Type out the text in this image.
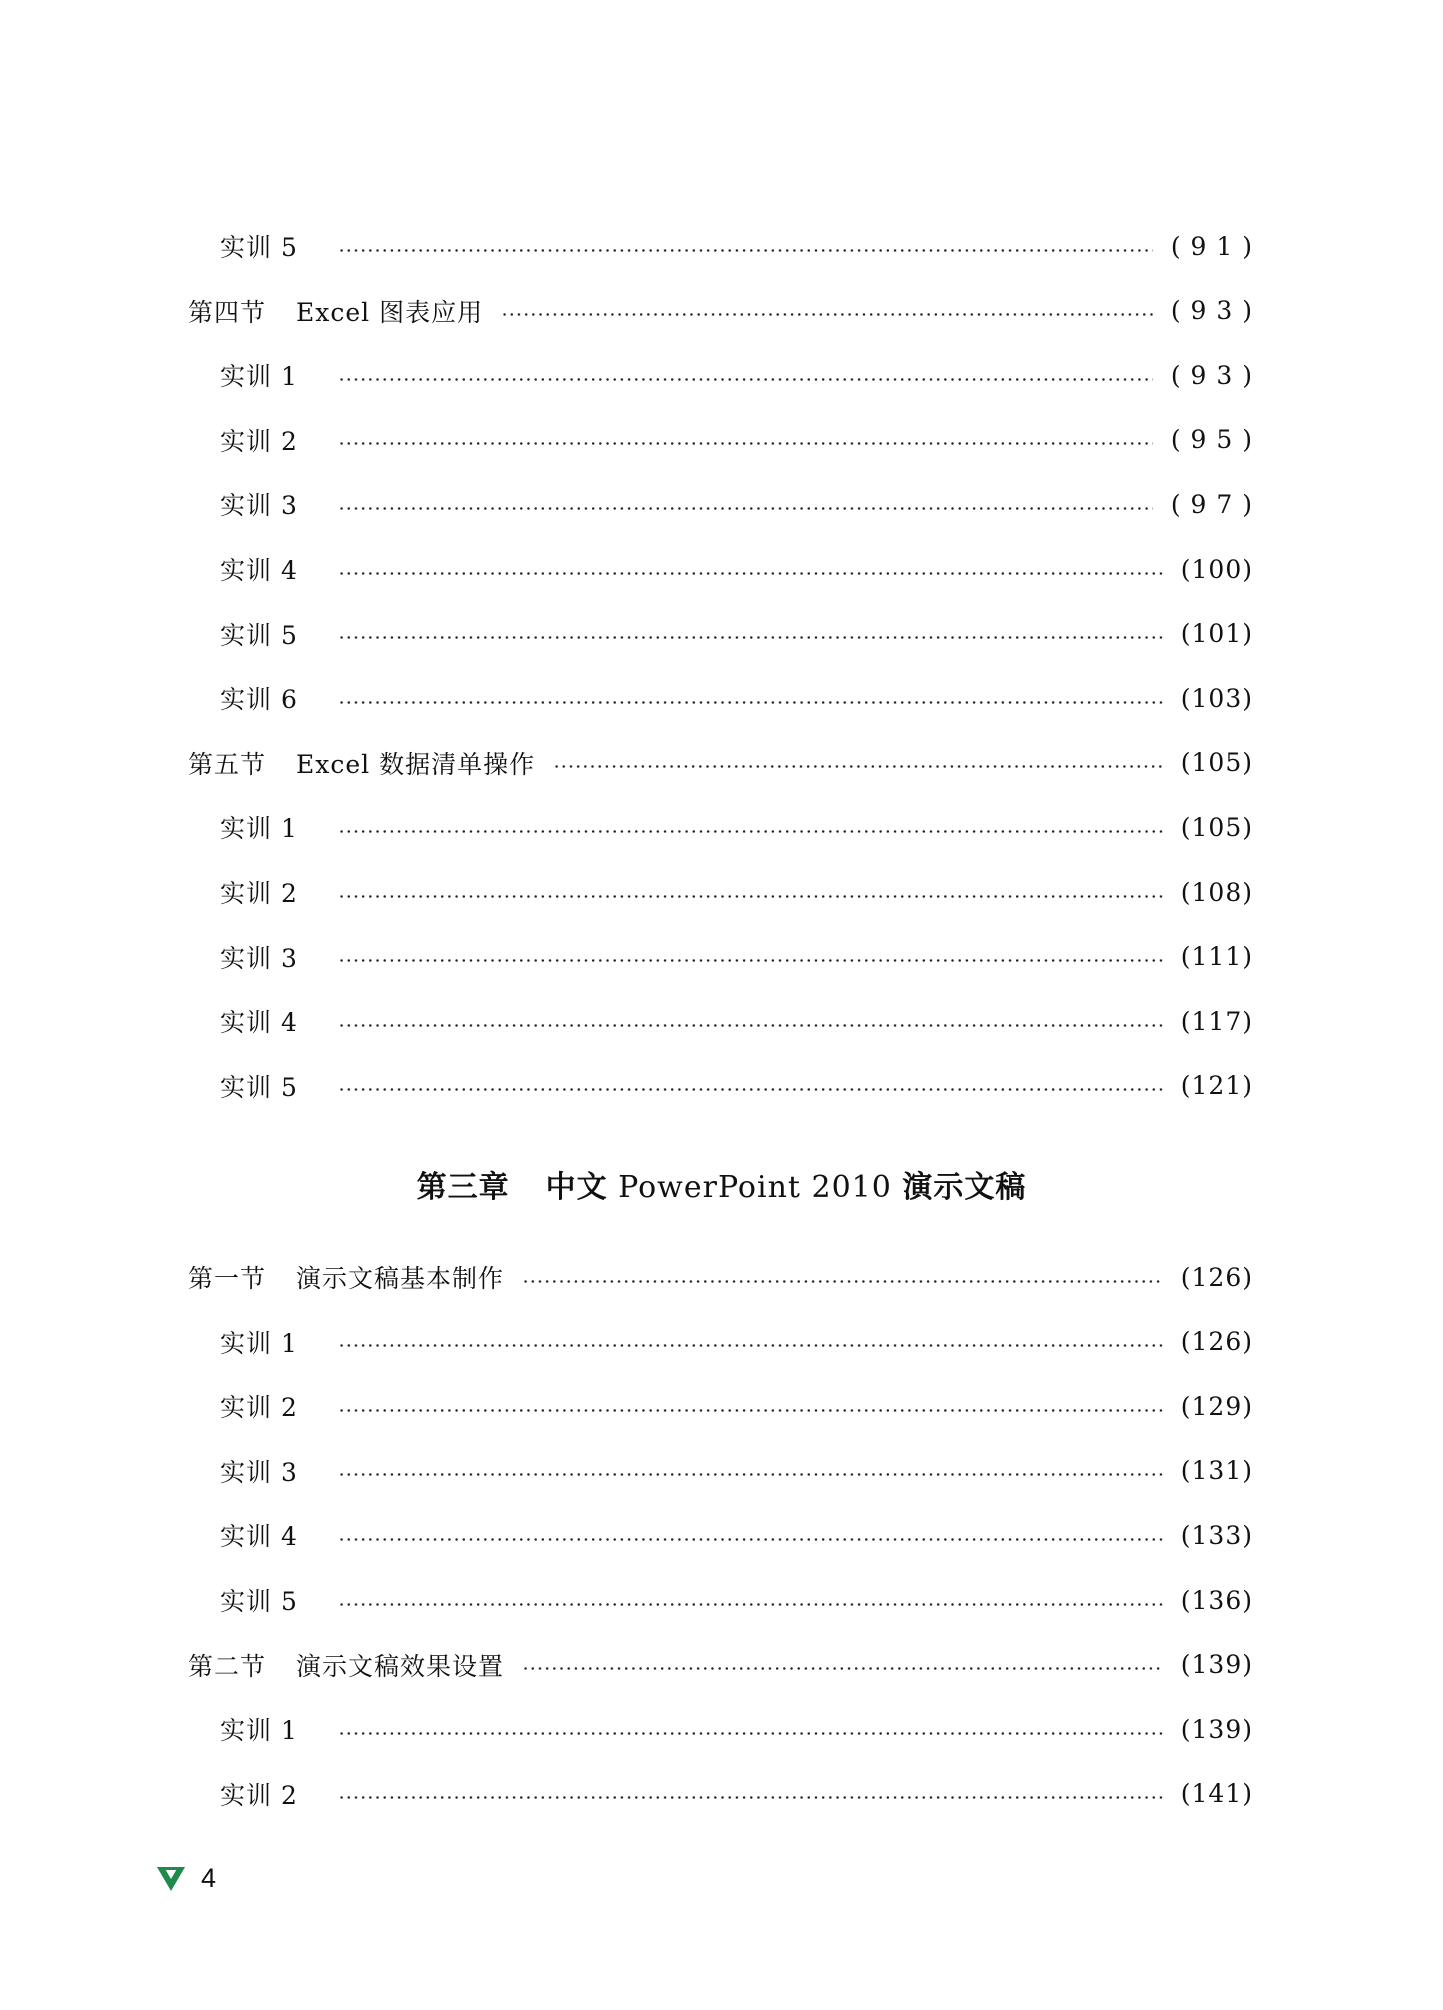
实训 5	( 9 1 )
第四节 Excel 图表应用	( 9 3 )
实训 1	( 9 3 )
实训 2	( 9 5 )
实训 3	( 9 7 )
实训 4	(100)
实训 5	(101)
实训 6	(103)
第五节 Excel 数据清单操作	(105)
实训 1	(105)
实训 2	(108)
实训 3	(111)
实训 4	(117)
实训 5	(121)
第三章 中文 PowerPoint 2010 演示文稿
第一节 演示文稿基本制作	(126)
实训 1	(126)
实训 2	(129)
实训 3	(131)
实训 4	(133)
实训 5	(136)
第二节 演示文稿效果设置	(139)
实训 1	(139)
实训 2	(141)
4
